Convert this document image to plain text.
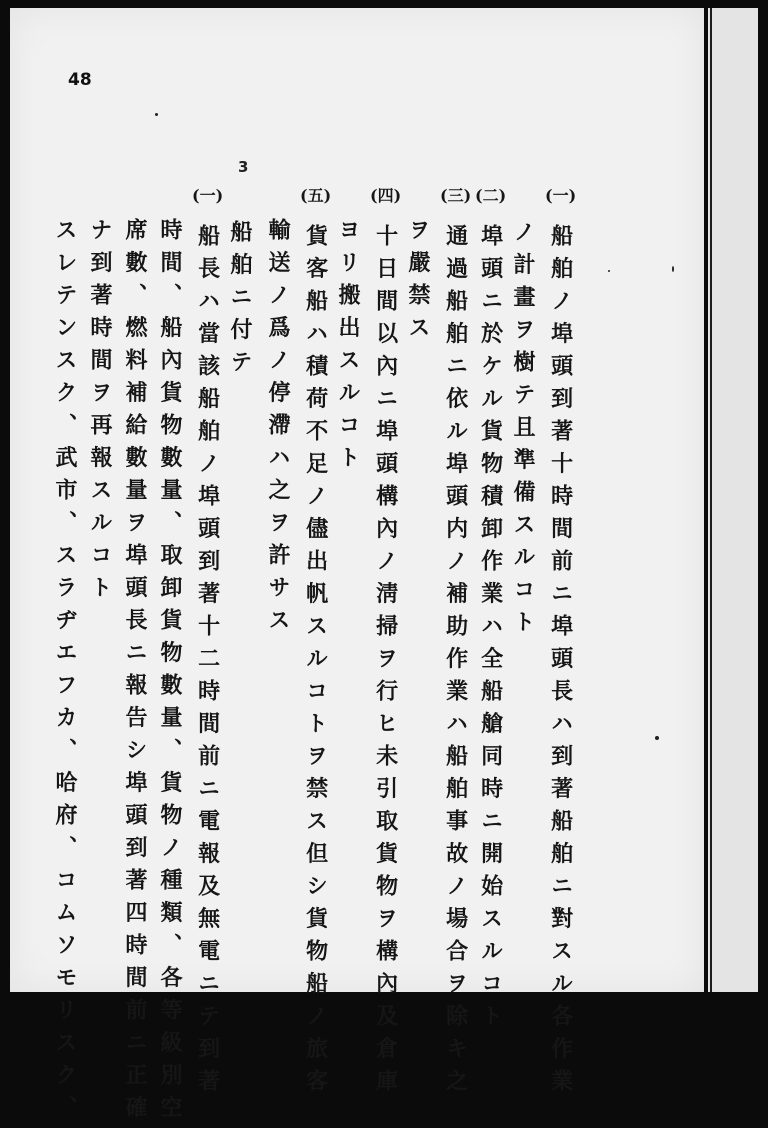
48
3
(一)
船舶ノ埠頭到著十時間前ニ埠頭長ハ到著船舶ニ對スル各作業
ノ計畫ヲ樹テ且準備スルコト
(二)
埠頭ニ於ケル貨物積卸作業ハ全船艙同時ニ開始スルコト
(三)
通過船舶ニ依ル埠頭内ノ補助作業ハ船舶事故ノ場合ヲ除キ之
ヲ嚴禁ス
(四)
十日間以內ニ埠頭構內ノ淸掃ヲ行ヒ未引取貨物ヲ構內及倉庫
ヨリ搬出スルコト
(五)
貨客船ハ積荷不足ノ儘出帆スルコトヲ禁ス但シ貨物船ノ旅客
輸送ノ爲ノ停滯ハ之ヲ許サス
船舶ニ付テ
(一)
船長ハ當該船舶ノ埠頭到著十二時間前ニ電報及無電ニテ到著
時間、船內貨物數量、取卸貨物數量、貨物ノ種類、各等級別空
席數、燃料補給數量ヲ埠頭長ニ報告シ埠頭到著四時間前ニ正確
ナ到著時間ヲ再報スルコト
スレテンスク、武市、スラヂエフカ、哈府、コムソモリスク、
